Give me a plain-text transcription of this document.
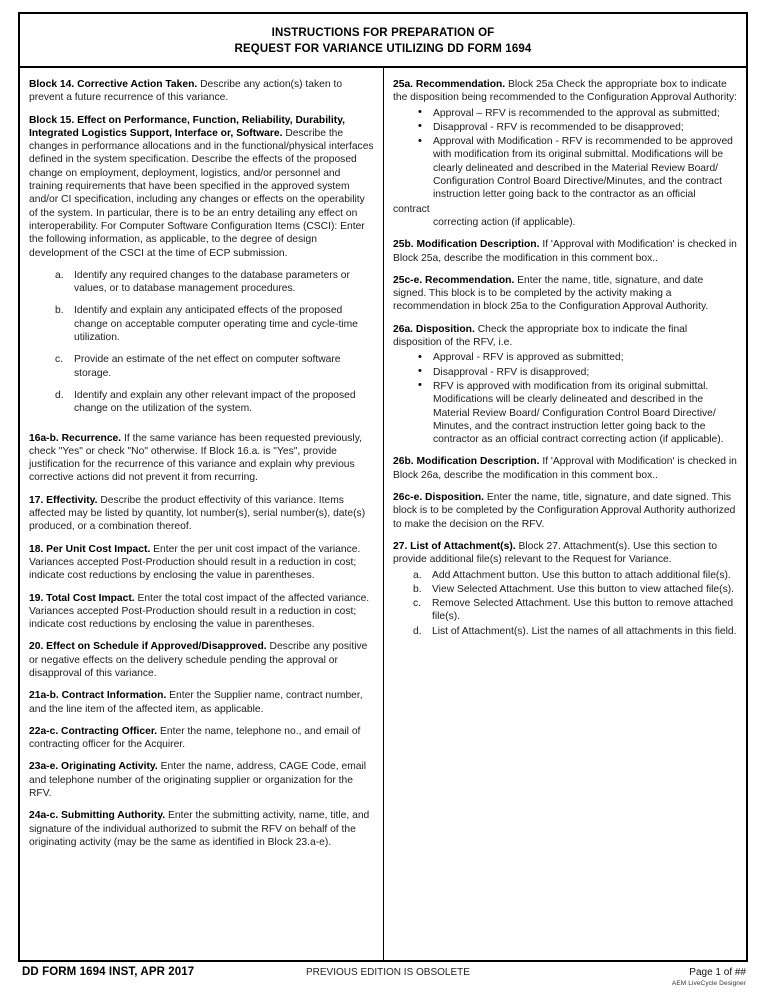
INSTRUCTIONS FOR PREPARATION OF
REQUEST FOR VARIANCE UTILIZING DD FORM 1694

Block 14. Corrective Action Taken. Describe any action(s) taken to prevent a future recurrence of this variance.

Block 15. Effect on Performance, Function, Reliability, Durability, Integrated Logistics Support, Interface or, Software. Describe the changes in performance allocations and in the functional/physical interfaces defined in the system specification. Describe the effects of the proposed change on employment, deployment, logistics, and/or personnel and training requirements that have been specified in the approved system and/or CI specification, including any changes or effects on the operability of the system. In particular, there is to be an entry detailing any effect on interoperability. For Computer Software Configuration Items (CSCI): Enter the following information, as applicable, to the degree of design development of the CSCI at the time of ECP submission.

a.	Identify any required changes to the database parameters or values, or to database management procedures.
b.	Identify and explain any anticipated effects of the proposed change on acceptable computer operating time and cycle-time utilization.
c.	Provide an estimate of the net effect on computer software storage.
d.	Identify and explain any other relevant impact of the proposed change on the utilization of the system.

16a-b. Recurrence. If the same variance has been requested previously, check "Yes" or check "No" otherwise. If Block 16.a. is "Yes", provide justification for the recurrence of this variance and explain why previous corrective actions did not prevent it from recurring.

17. Effectivity. Describe the product effectivity of this variance. Items affected may be listed by quantity, lot number(s), serial number(s), date(s) produced, or a combination thereof.

18. Per Unit Cost Impact. Enter the per unit cost impact of the variance. Variances accepted Post-Production should result in a reduction in cost; indicate cost reductions by enclosing the value in parentheses.

19. Total Cost Impact. Enter the total cost impact of the affected variance. Variances accepted Post-Production should result in a reduction in cost; indicate cost reductions by enclosing the value in parentheses.

20. Effect on Schedule if Approved/Disapproved. Describe any positive or negative effects on the delivery schedule pending the approval or disapproval of this variance.

21a-b. Contract Information. Enter the Supplier name, contract number, and the line item of the affected item, as applicable.

22a-c. Contracting Officer. Enter the name, telephone no., and email of contracting officer for the Acquirer.

23a-e. Originating Activity. Enter the name, address, CAGE Code, email and telephone number of the originating supplier or organization for the RFV.

24a-c. Submitting Authority. Enter the submitting activity, name, title, and signature of the individual authorized to submit the RFV on behalf of the originating activity (may be the same as identified in Block 23.a-e).

25a. Recommendation. Block 25a Check the appropriate box to indicate the disposition being recommended to the Configuration Approval Authority:

• Approval – RFV is recommended to the approval as submitted;
• Disapproval - RFV is recommended to be disapproved;
• Approval with Modification - RFV is recommended to be approved with modification from its original submittal. Modifications will be clearly delineated and described in the Material Review Board/ Configuration Control Board Directive/Minutes, and the contract instruction letter going back to the contractor as an official
contract
correcting action (if applicable).

25b. Modification Description. If 'Approval with Modification' is checked in Block 25a, describe the modification in this comment box..

25c-e. Recommendation. Enter the name, title, signature, and date signed. This block is to be completed by the activity making a recommendation in block 25a to the Configuration Approval Authority.

26a. Disposition. Check the appropriate box to indicate the final disposition of the RFV, i.e.

• Approval - RFV is approved as submitted;
• Disapproval - RFV is disapproved;
• RFV is approved with modification from its original submittal. Modifications will be clearly delineated and described in the Material Review Board/ Configuration Control Board Directive/ Minutes, and the contract instruction letter going back to the contractor as an official contract correcting action (if applicable).

26b. Modification Description. If 'Approval with Modification' is checked in Block 26a, describe the modification in this comment box..

26c-e. Disposition. Enter the name, title, signature, and date signed. This block is to be completed by the Configuration Approval Authority authorized to make the decision on the RFV.

27. List of Attachment(s). Block 27. Attachment(s). Use this section to provide additional file(s) relevant to the Request for Variance.

a.	Add Attachment button. Use this button to attach additional file(s).
b.	View Selected Attachment. Use this button to view attached file(s).
c.	Remove Selected Attachment. Use this button to remove attached file(s).
d.	List of Attachment(s). List the names of all attachments in this field.
DD FORM 1694 INST, APR 2017	PREVIOUS EDITION IS OBSOLETE	Page 1 of ##
AEM LiveCycle Designer
